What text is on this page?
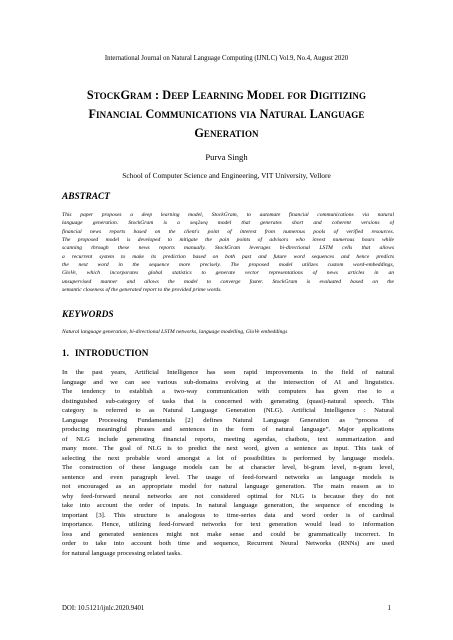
International Journal on Natural Language Computing (IJNLC) Vol.9, No.4, August 2020
StockGram : Deep Learning Model for Digitizing
Financial Communications via Natural Language
Generation
Purva Singh
School of Computer Science and Engineering, VIT University, Vellore
ABSTRACT
This paper proposes a deep learning model, StockGram, to automate financial communications via natural
language generation. StockGram is a seq2seq model that generates short and coherent versions of
financial news reports based on the client's point of interest from numerous pools of verified resources.
The proposed model is developed to mitigate the pain points of advisors who invest numerous hours while
scanning through these news reports manually. StockGram leverages bi-directional LSTM cells that allows
a recurrent system to make its prediction based on both past and future word sequences and hence predicts
the next word in the sequence more precisely. The proposed model utilizes custom word-embeddings,
GloVe, which incorporates global statistics to generate vector representations of news articles in an
unsupervised manner and allows the model to converge faster. StockGram is evaluated based on the
semantic closeness of the generated report to the provided prime words.
KEYWORDS
Natural language generation, bi-directional LSTM networks, language modelling, GloVe embeddings
1. INTRODUCTION
In the past years, Artificial Intelligence has seen rapid improvements in the field of natural
language and we can see various sub-domains evolving at the intersection of AI and linguistics.
The tendency to establish a two-way communication with computers has given rise to a
distinguished sub-category of tasks that is concerned with generating (quasi)-natural speech. This
category is referred to as Natural Language Generation (NLG). Artificial Intelligence : Natural
Language Processing Fundamentals [2] defines Natural Language Generation as “process of
producing meaningful phrases and sentences in the form of natural language”. Major applications
of NLG include generating financial reports, meeting agendas, chatbots, text summarization and
many more. The goal of NLG is to predict the next word, given a sentence as input. This task of
selecting the next probable word amongst a lot of possibilities is performed by language models.
The construction of these language models can be at character level, bi-gram level, n-gram level,
sentence and even paragraph level. The usage of feed-forward networks as language models is
not encouraged as an appropriate model for natural language generation. The main reason as to
why feed-forward neural networks are not considered optimal for NLG is because they do not
take into account the order of inputs. In natural language generation, the sequence of encoding is
important [3]. This structure is analogous to time-series data and word order is of cardinal
importance. Hence, utilizing feed-forward networks for text generation would lead to information
loss and generated sentences might not make sense and could be grammatically incorrect. In
order to take into account both time and sequence, Recurrent Neural Networks (RNNs) are used
for natural language processing related tasks.
DOI: 10.5121/ijnlc.2020.9401	1
